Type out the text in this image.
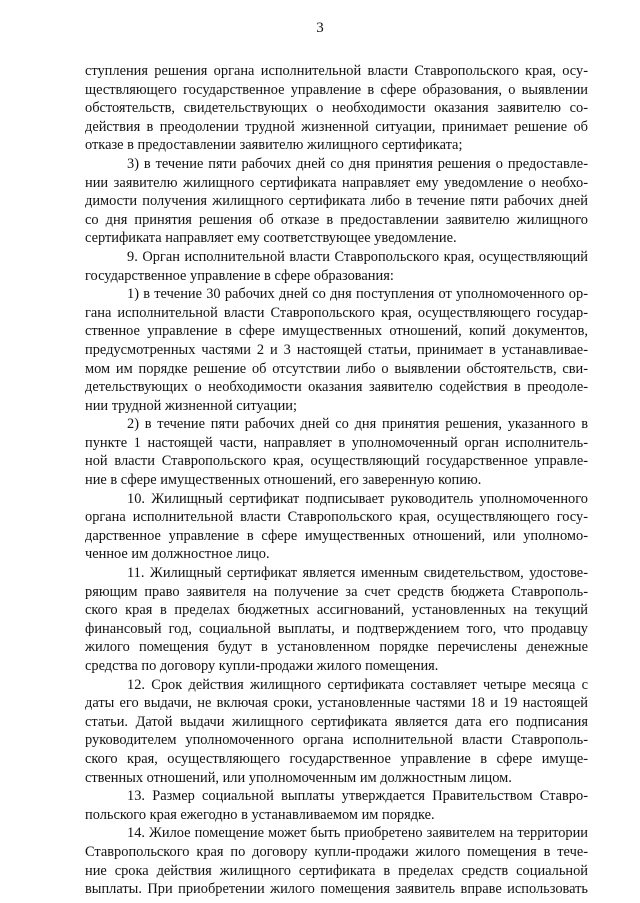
3
ступления решения органа исполнительной власти Ставропольского края, осу-
ществляющего государственное управление в сфере образования, о выявлении
обстоятельств, свидетельствующих о необходимости оказания заявителю со-
действия в преодолении трудной жизненной ситуации, принимает решение об
отказе в предоставлении заявителю жилищного сертификата;
3) в течение пяти рабочих дней со дня принятия решения о предоставле-
нии заявителю жилищного сертификата направляет ему уведомление о необхо-
димости получения жилищного сертификата либо в течение пяти рабочих дней
со дня принятия решения об отказе в предоставлении заявителю жилищного
сертификата направляет ему соответствующее уведомление.
9. Орган исполнительной власти Ставропольского края, осуществляющий
государственное управление в сфере образования:
1) в течение 30 рабочих дней со дня поступления от уполномоченного ор-
гана исполнительной власти Ставропольского края, осуществляющего государ-
ственное управление в сфере имущественных отношений, копий документов,
предусмотренных частями 2 и 3 настоящей статьи, принимает в устанавливае-
мом им порядке решение об отсутствии либо о выявлении обстоятельств, сви-
детельствующих о необходимости оказания заявителю содействия в преодоле-
нии трудной жизненной ситуации;
2) в течение пяти рабочих дней со дня принятия решения, указанного в
пункте 1 настоящей части, направляет в уполномоченный орган исполнитель-
ной власти Ставропольского края, осуществляющий государственное управле-
ние в сфере имущественных отношений, его заверенную копию.
10. Жилищный сертификат подписывает руководитель уполномоченного
органа исполнительной власти Ставропольского края, осуществляющего госу-
дарственное управление в сфере имущественных отношений, или уполномо-
ченное им должностное лицо.
11. Жилищный сертификат является именным свидетельством, удостове-
ряющим право заявителя на получение за счет средств бюджета Ставрополь-
ского края в пределах бюджетных ассигнований, установленных на текущий
финансовый год, социальной выплаты, и подтверждением того, что продавцу
жилого помещения будут в установленном порядке перечислены денежные
средства по договору купли-продажи жилого помещения.
12. Срок действия жилищного сертификата составляет четыре месяца с
даты его выдачи, не включая сроки, установленные частями 18 и 19 настоящей
статьи. Датой выдачи жилищного сертификата является дата его подписания
руководителем уполномоченного органа исполнительной власти Ставрополь-
ского края, осуществляющего государственное управление в сфере имуще-
ственных отношений, или уполномоченным им должностным лицом.
13. Размер социальной выплаты утверждается Правительством Ставро-
польского края ежегодно в устанавливаемом им порядке.
14. Жилое помещение может быть приобретено заявителем на территории
Ставропольского края по договору купли-продажи жилого помещения в тече-
ние срока действия жилищного сертификата в пределах средств социальной
выплаты. При приобретении жилого помещения заявитель вправе использовать
